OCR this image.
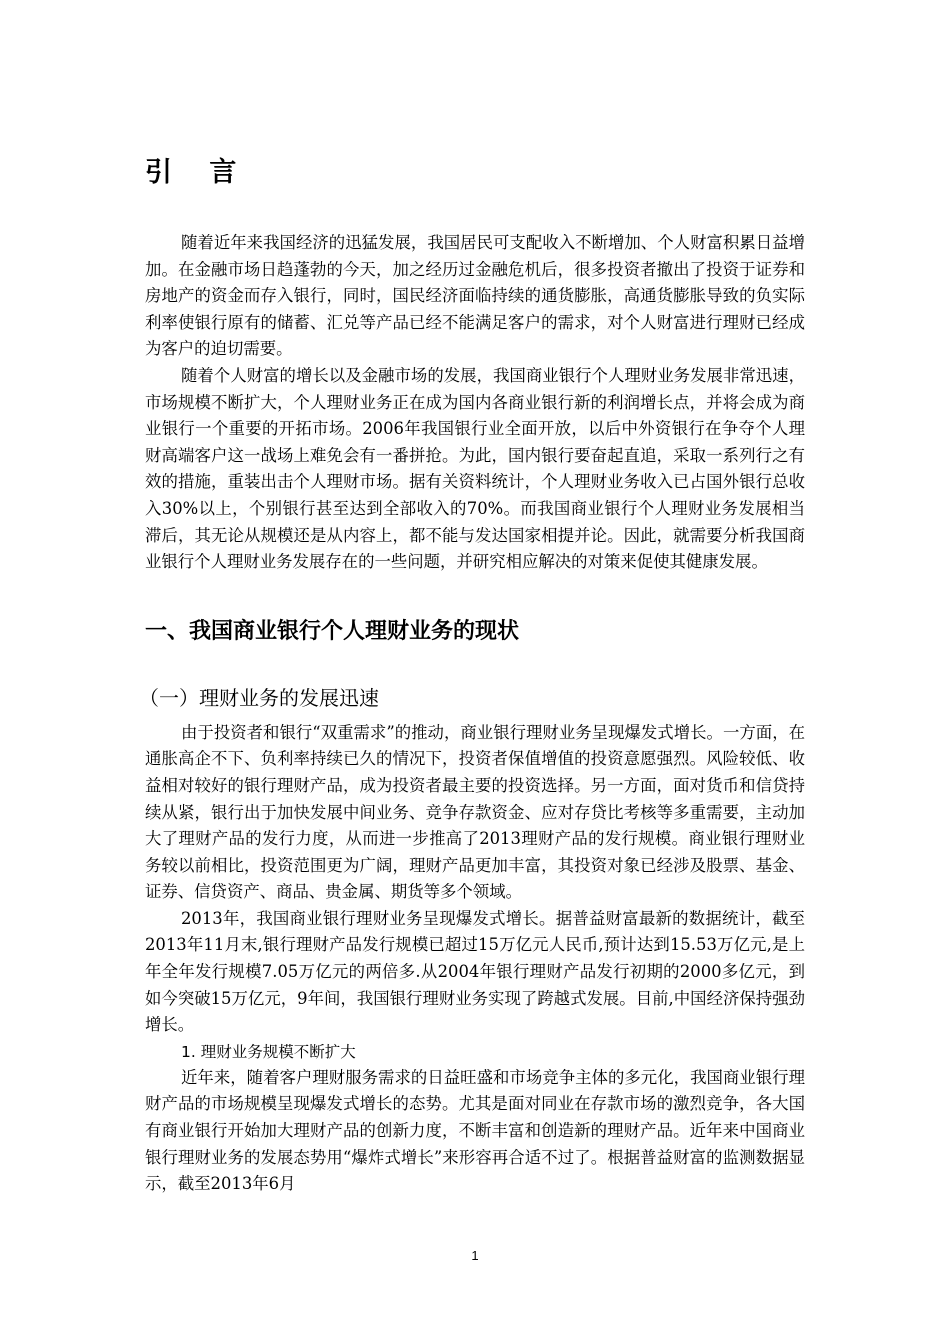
引 言

随着近年来我国经济的迅猛发展，我国居民可支配收入不断增加、个人财富积累日益增加。在金融市场日趋蓬勃的今天，加之经历过金融危机后，很多投资者撤出了投资于证券和房地产的资金而存入银行，同时，国民经济面临持续的通货膨胀，高通货膨胀导致的负实际利率使银行原有的储蓄、汇兑等产品已经不能满足客户的需求，对个人财富进行理财已经成为客户的迫切需要。

随着个人财富的增长以及金融市场的发展，我国商业银行个人理财业务发展非常迅速，市场规模不断扩大，个人理财业务正在成为国内各商业银行新的利润增长点，并将会成为商业银行一个重要的开拓市场。2006年我国银行业全面开放，以后中外资银行在争夺个人理财高端客户这一战场上难免会有一番拼抢。为此，国内银行要奋起直追，采取一系列行之有效的措施，重装出击个人理财市场。据有关资料统计，个人理财业务收入已占国外银行总收入30%以上，个别银行甚至达到全部收入的70%。而我国商业银行个人理财业务发展相当滞后，其无论从规模还是从内容上，都不能与发达国家相提并论。因此，就需要分析我国商业银行个人理财业务发展存在的一些问题，并研究相应解决的对策来促使其健康发展。

一、我国商业银行个人理财业务的现状
（一）理财业务的发展迅速

由于投资者和银行“双重需求”的推动，商业银行理财业务呈现爆发式增长。一方面，在通胀高企不下、负利率持续已久的情况下，投资者保值增值的投资意愿强烈。风险较低、收益相对较好的银行理财产品，成为投资者最主要的投资选择。另一方面，面对货币和信贷持续从紧，银行出于加快发展中间业务、竞争存款资金、应对存贷比考核等多重需要，主动加大了理财产品的发行力度，从而进一步推高了2013理财产品的发行规模。商业银行理财业务较以前相比，投资范围更为广阔，理财产品更加丰富，其投资对象已经涉及股票、基金、证券、信贷资产、商品、贵金属、期货等多个领域。

2013年，我国商业银行理财业务呈现爆发式增长。据普益财富最新的数据统计，截至2013年11月末,银行理财产品发行规模已超过15万亿元人民币,预计达到15.53万亿元,是上年全年发行规模7.05万亿元的两倍多.从2004年银行理财产品发行初期的2000多亿元，到如今突破15万亿元，9年间，我国银行理财业务实现了跨越式发展。目前,中国经济保持强劲增长。

1. 理财业务规模不断扩大

近年来，随着客户理财服务需求的日益旺盛和市场竞争主体的多元化，我国商业银行理财产品的市场规模呈现爆发式增长的态势。尤其是面对同业在存款市场的激烈竞争，各大国有商业银行开始加大理财产品的创新力度，不断丰富和创造新的理财产品。近年来中国商业银行理财业务的发展态势用“爆炸式增长”来形容再合适不过了。根据普益财富的监测数据显示，截至2013年6月

1
